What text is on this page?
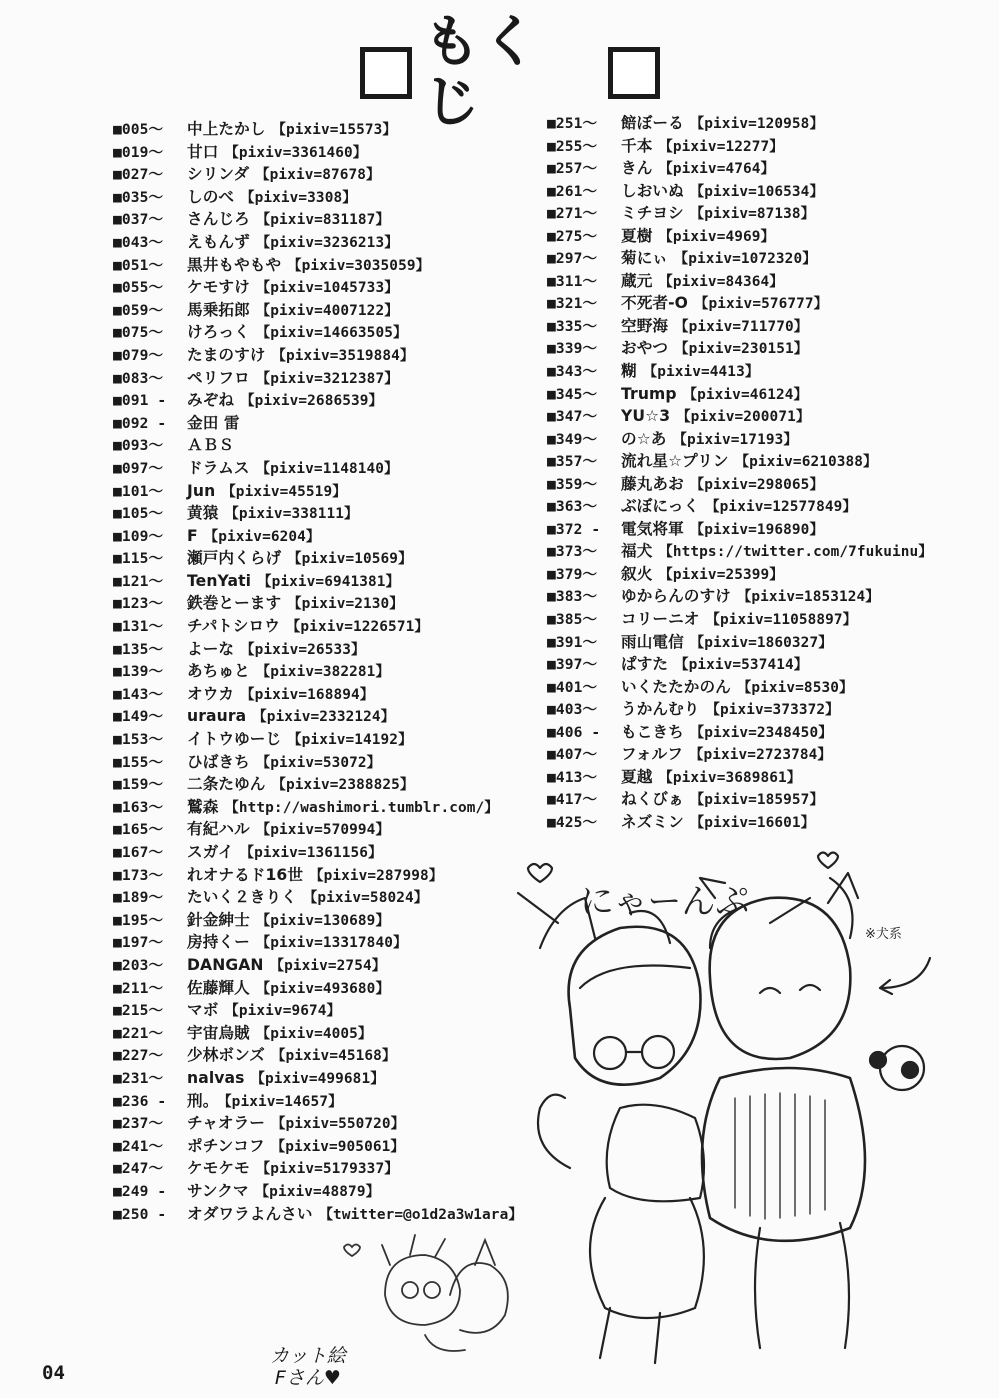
もくじ
■005～ 中上たかし 【pixiv=15573】
■019～ 甘口 【pixiv=3361460】
■027～ シリンダ 【pixiv=87678】
■035～ しのべ 【pixiv=3308】
■037～ さんじろ 【pixiv=831187】
■043～ えもんず 【pixiv=3236213】
■051～ 黒井もやもや 【pixiv=3035059】
■055～ ケモすけ 【pixiv=1045733】
■059～ 馬乗拓郎 【pixiv=4007122】
■075～ けろっく 【pixiv=14663505】
■079～ たまのすけ 【pixiv=3519884】
■083～ ペリフロ 【pixiv=3212387】
■091 - みぞね 【pixiv=2686539】
■092 - 金田 雷
■093～ ＡＢＳ
■097～ ドラムス 【pixiv=1148140】
■101～ Jun 【pixiv=45519】
■105～ 黄猿 【pixiv=338111】
■109～ F 【pixiv=6204】
■115～ 瀬戸内くらげ 【pixiv=10569】
■121～ TenYati 【pixiv=6941381】
■123～ 鉄巻とーます 【pixiv=2130】
■131～ チパトシロウ 【pixiv=1226571】
■135～ よーな 【pixiv=26533】
■139～ あちゅと 【pixiv=382281】
■143～ オウカ 【pixiv=168894】
■149～ uraura 【pixiv=2332124】
■153～ イトウゆーじ 【pixiv=14192】
■155～ ひばきち 【pixiv=53072】
■159～ 二条たゆん 【pixiv=2388825】
■163～ 鷲森 【http://washimori.tumblr.com/】
■165～ 有紀ハル 【pixiv=570994】
■167～ スガイ 【pixiv=1361156】
■173～ れオナるド16世 【pixiv=287998】
■189～ たいく２きりく 【pixiv=58024】
■195～ 針金紳士 【pixiv=130689】
■197～ 房持くー 【pixiv=13317840】
■203～ DANGAN 【pixiv=2754】
■211～ 佐藤輝人 【pixiv=493680】
■215～ マボ 【pixiv=9674】
■221～ 宇宙烏賊 【pixiv=4005】
■227～ 少林ボンズ 【pixiv=45168】
■231～ nalvas 【pixiv=499681】
■236 - 刑。 【pixiv=14657】
■237～ チャオラー 【pixiv=550720】
■241～ ポチンコフ 【pixiv=905061】
■247～ ケモケモ 【pixiv=5179337】
■249 - サンクマ 【pixiv=48879】
■250 - オダワラよんさい 【twitter=@o1d2a3w1ara】
■251～ 餢ぼーる 【pixiv=120958】
■255～ 千本 【pixiv=12277】
■257～ きん 【pixiv=4764】
■261～ しおいぬ 【pixiv=106534】
■271～ ミチヨシ 【pixiv=87138】
■275～ 夏樹 【pixiv=4969】
■297～ 菊にぃ 【pixiv=1072320】
■311～ 蔵元 【pixiv=84364】
■321～ 不死者-O 【pixiv=576777】
■335～ 空野海 【pixiv=711770】
■339～ おやつ 【pixiv=230151】
■343～ 糊 【pixiv=4413】
■345～ Trump 【pixiv=46124】
■347～ YU☆3 【pixiv=200071】
■349～ の☆あ 【pixiv=17193】
■357～ 流れ星☆プリン 【pixiv=6210388】
■359～ 藤丸あお 【pixiv=298065】
■363～ ぶぼにっく 【pixiv=12577849】
■372 - 電気将軍 【pixiv=196890】
■373～ 福犬 【https://twitter.com/7fukuinu】
■379～ 叙火 【pixiv=25399】
■383～ ゆからんのすけ 【pixiv=1853124】
■385～ コリーニオ 【pixiv=11058897】
■391～ 雨山電信 【pixiv=1860327】
■397～ ぱすた 【pixiv=537414】
■401～ いくたたかのん 【pixiv=8530】
■403～ うかんむり 【pixiv=373372】
■406 - もこきち 【pixiv=2348450】
■407～ フォルフ 【pixiv=2723784】
■413～ 夏越 【pixiv=3689861】
■417～ ねくびぁ 【pixiv=185957】
■425～ ネズミン 【pixiv=16601】
にゃーんぷ
※犬系
カット絵
Fさん♥
04
